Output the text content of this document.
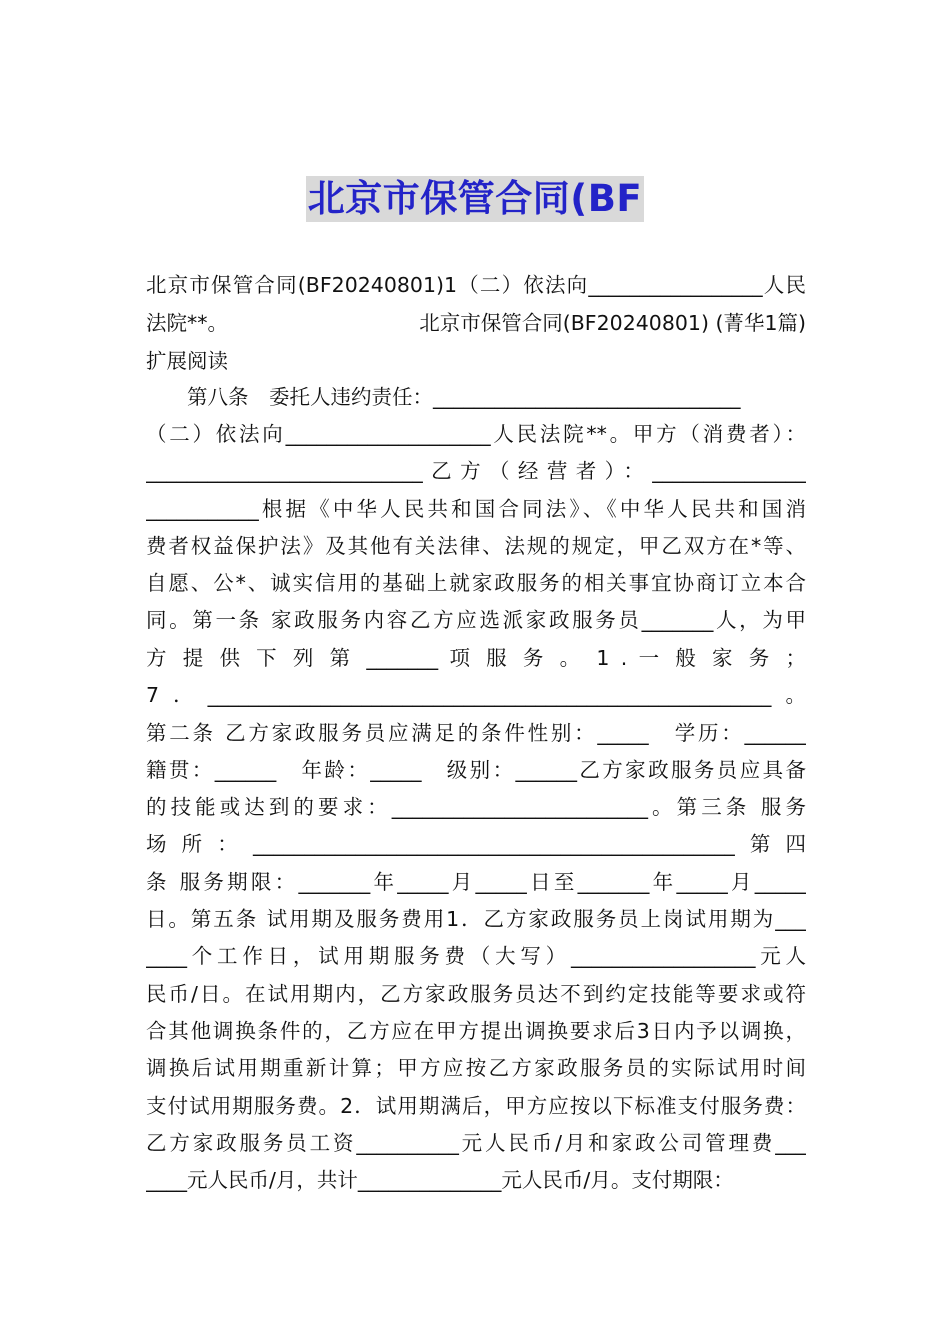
北京市保管合同(BF
北京市保管合同(BF20240801)1（二）依法向_________________人民
法院**。	北京市保管合同(BF20240801) (菁华1篇)
扩展阅读
　　第八条　委托人违约责任：______________________________
（二）依法向____________________人民法院**。甲方（消费者）：
___________________________乙方（经营者）：_______________
___________根据《中华人民共和国合同法》、《中华人民共和国消
费者权益保护法》及其他有关法律、法规的规定，甲乙双方在*等、
自愿、公*、诚实信用的基础上就家政服务的相关事宜协商订立本合
同。第一条 家政服务内容乙方应选派家政服务员_______人，为甲
方 提 供 下 列 第 _______ 项 服 务 。 1 . 一 般 家 务 ；
7．_______________________________________________________。
第二条 乙方家政服务员应满足的条件性别：_____　学历：______
籍贯：______　年龄：_____　级别：______乙方家政服务员应具备
的技能或达到的要求：_________________________。第三条 服务
场所：_______________________________________________第四
条 服务期限：_______年_____月_____日至_______年_____月_____
日。第五条 试用期及服务费用1．乙方家政服务员上岗试用期为___
____个工作日，试用期服务费（大写）__________________元人
民币/日。在试用期内，乙方家政服务员达不到约定技能等要求或符
合其他调换条件的，乙方应在甲方提出调换要求后3日内予以调换，
调换后试用期重新计算；甲方应按乙方家政服务员的实际试用时间
支付试用期服务费。2．试用期满后，甲方应按以下标准支付服务费：
乙方家政服务员工资__________元人民币/月和家政公司管理费___
____元人民币/月，共计______________元人民币/月。支付期限：
